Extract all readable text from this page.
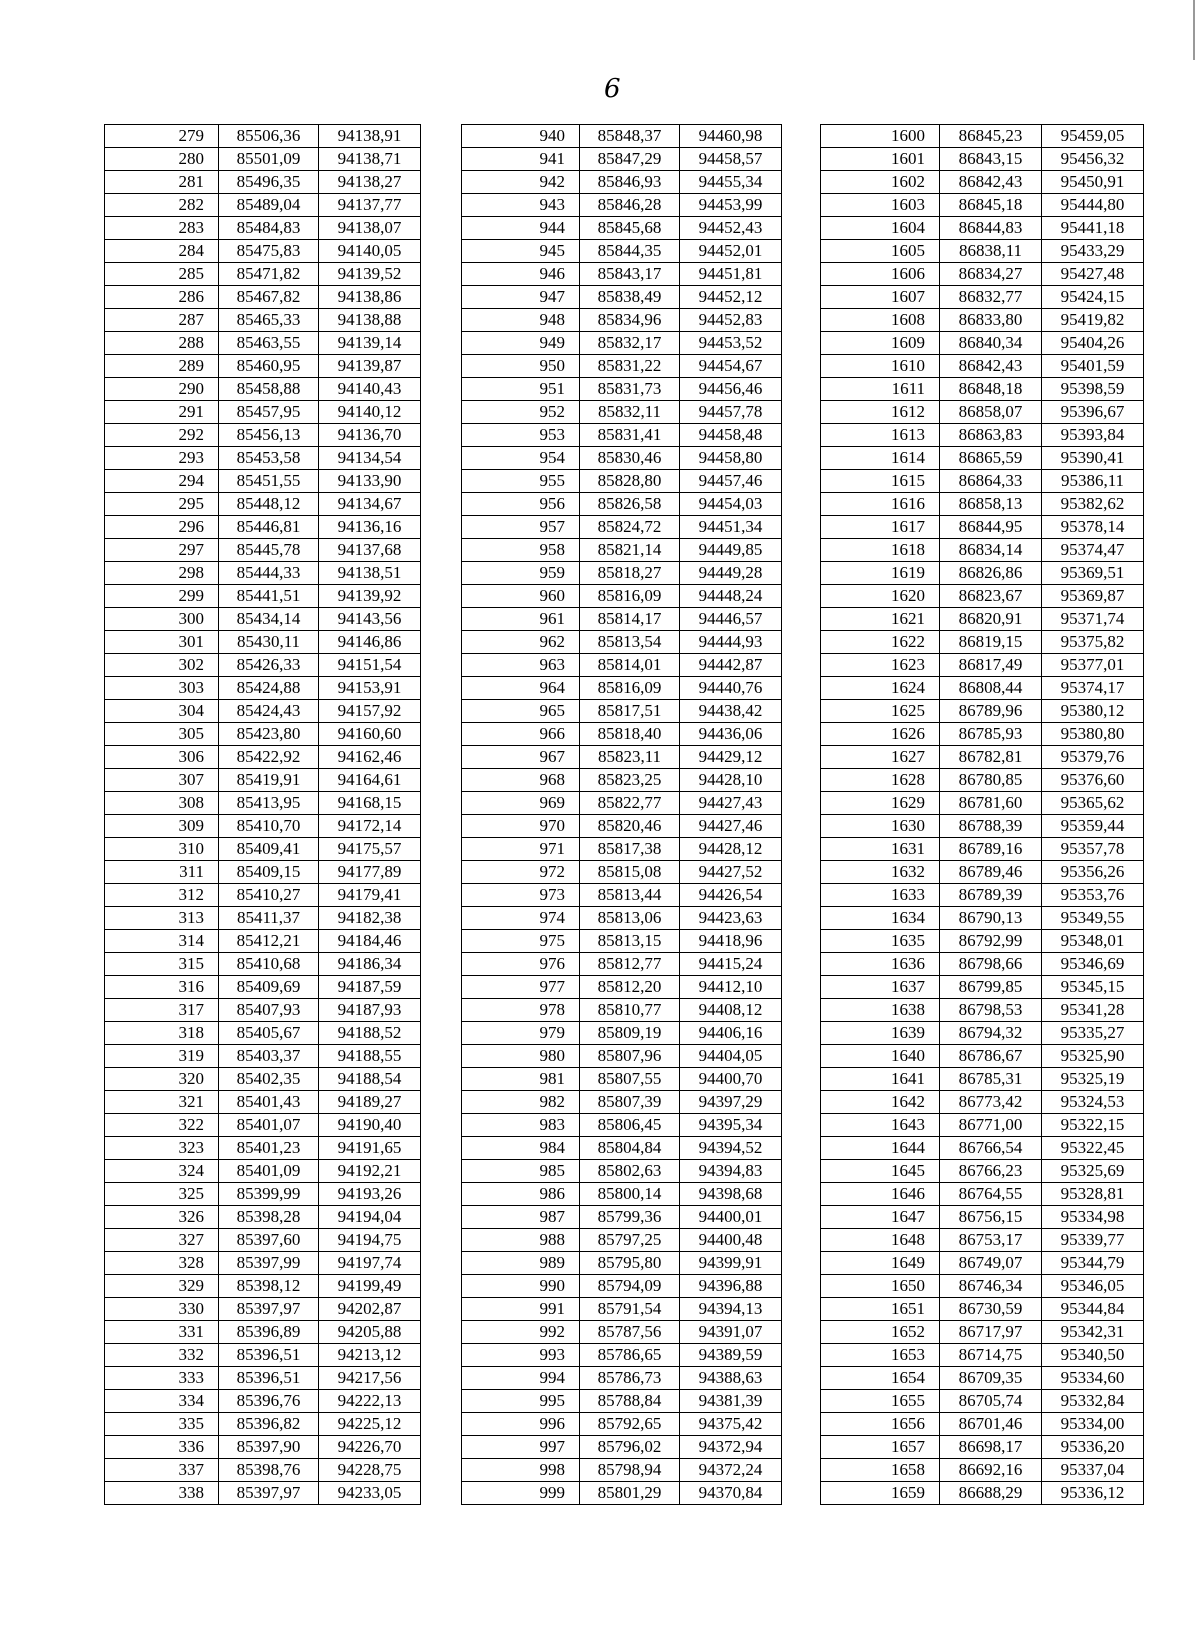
6
279	85506,36	94138,91
280	85501,09	94138,71
281	85496,35	94138,27
282	85489,04	94137,77
283	85484,83	94138,07
284	85475,83	94140,05
285	85471,82	94139,52
286	85467,82	94138,86
287	85465,33	94138,88
288	85463,55	94139,14
289	85460,95	94139,87
290	85458,88	94140,43
291	85457,95	94140,12
292	85456,13	94136,70
293	85453,58	94134,54
294	85451,55	94133,90
295	85448,12	94134,67
296	85446,81	94136,16
297	85445,78	94137,68
298	85444,33	94138,51
299	85441,51	94139,92
300	85434,14	94143,56
301	85430,11	94146,86
302	85426,33	94151,54
303	85424,88	94153,91
304	85424,43	94157,92
305	85423,80	94160,60
306	85422,92	94162,46
307	85419,91	94164,61
308	85413,95	94168,15
309	85410,70	94172,14
310	85409,41	94175,57
311	85409,15	94177,89
312	85410,27	94179,41
313	85411,37	94182,38
314	85412,21	94184,46
315	85410,68	94186,34
316	85409,69	94187,59
317	85407,93	94187,93
318	85405,67	94188,52
319	85403,37	94188,55
320	85402,35	94188,54
321	85401,43	94189,27
322	85401,07	94190,40
323	85401,23	94191,65
324	85401,09	94192,21
325	85399,99	94193,26
326	85398,28	94194,04
327	85397,60	94194,75
328	85397,99	94197,74
329	85398,12	94199,49
330	85397,97	94202,87
331	85396,89	94205,88
332	85396,51	94213,12
333	85396,51	94217,56
334	85396,76	94222,13
335	85396,82	94225,12
336	85397,90	94226,70
337	85398,76	94228,75
338	85397,97	94233,05
940	85848,37	94460,98
941	85847,29	94458,57
942	85846,93	94455,34
943	85846,28	94453,99
944	85845,68	94452,43
945	85844,35	94452,01
946	85843,17	94451,81
947	85838,49	94452,12
948	85834,96	94452,83
949	85832,17	94453,52
950	85831,22	94454,67
951	85831,73	94456,46
952	85832,11	94457,78
953	85831,41	94458,48
954	85830,46	94458,80
955	85828,80	94457,46
956	85826,58	94454,03
957	85824,72	94451,34
958	85821,14	94449,85
959	85818,27	94449,28
960	85816,09	94448,24
961	85814,17	94446,57
962	85813,54	94444,93
963	85814,01	94442,87
964	85816,09	94440,76
965	85817,51	94438,42
966	85818,40	94436,06
967	85823,11	94429,12
968	85823,25	94428,10
969	85822,77	94427,43
970	85820,46	94427,46
971	85817,38	94428,12
972	85815,08	94427,52
973	85813,44	94426,54
974	85813,06	94423,63
975	85813,15	94418,96
976	85812,77	94415,24
977	85812,20	94412,10
978	85810,77	94408,12
979	85809,19	94406,16
980	85807,96	94404,05
981	85807,55	94400,70
982	85807,39	94397,29
983	85806,45	94395,34
984	85804,84	94394,52
985	85802,63	94394,83
986	85800,14	94398,68
987	85799,36	94400,01
988	85797,25	94400,48
989	85795,80	94399,91
990	85794,09	94396,88
991	85791,54	94394,13
992	85787,56	94391,07
993	85786,65	94389,59
994	85786,73	94388,63
995	85788,84	94381,39
996	85792,65	94375,42
997	85796,02	94372,94
998	85798,94	94372,24
999	85801,29	94370,84
1600	86845,23	95459,05
1601	86843,15	95456,32
1602	86842,43	95450,91
1603	86845,18	95444,80
1604	86844,83	95441,18
1605	86838,11	95433,29
1606	86834,27	95427,48
1607	86832,77	95424,15
1608	86833,80	95419,82
1609	86840,34	95404,26
1610	86842,43	95401,59
1611	86848,18	95398,59
1612	86858,07	95396,67
1613	86863,83	95393,84
1614	86865,59	95390,41
1615	86864,33	95386,11
1616	86858,13	95382,62
1617	86844,95	95378,14
1618	86834,14	95374,47
1619	86826,86	95369,51
1620	86823,67	95369,87
1621	86820,91	95371,74
1622	86819,15	95375,82
1623	86817,49	95377,01
1624	86808,44	95374,17
1625	86789,96	95380,12
1626	86785,93	95380,80
1627	86782,81	95379,76
1628	86780,85	95376,60
1629	86781,60	95365,62
1630	86788,39	95359,44
1631	86789,16	95357,78
1632	86789,46	95356,26
1633	86789,39	95353,76
1634	86790,13	95349,55
1635	86792,99	95348,01
1636	86798,66	95346,69
1637	86799,85	95345,15
1638	86798,53	95341,28
1639	86794,32	95335,27
1640	86786,67	95325,90
1641	86785,31	95325,19
1642	86773,42	95324,53
1643	86771,00	95322,15
1644	86766,54	95322,45
1645	86766,23	95325,69
1646	86764,55	95328,81
1647	86756,15	95334,98
1648	86753,17	95339,77
1649	86749,07	95344,79
1650	86746,34	95346,05
1651	86730,59	95344,84
1652	86717,97	95342,31
1653	86714,75	95340,50
1654	86709,35	95334,60
1655	86705,74	95332,84
1656	86701,46	95334,00
1657	86698,17	95336,20
1658	86692,16	95337,04
1659	86688,29	95336,12
